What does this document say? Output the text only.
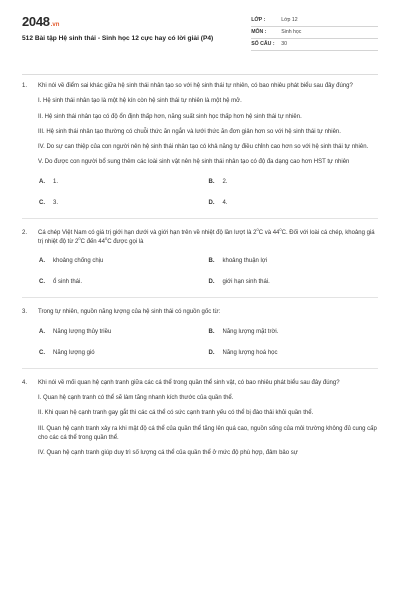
2048 .vn
512 Bài tập Hệ sinh thái - Sinh học 12 cực hay có lời giải (P4)
LỚP :	Lớp 12
MÔN :	Sinh học
SỐ CÂU :	30
1. Khi nói về điểm sai khác giữa hệ sinh thái nhân tạo so với hệ sinh thái tự nhiên, có bao nhiêu phát biểu sau đây đúng?
I. Hệ sinh thái nhân tạo là một hệ kín còn hệ sinh thái tự nhiên là một hệ mở.
II. Hệ sinh thái nhân tạo có độ ổn định thấp hơn, năng suất sinh học thấp hơn hệ sinh thái tự nhiên.
III. Hệ sinh thái nhân tạo thường có chuỗi thức ăn ngắn và lưới thức ăn đơn giản hơn so với hệ sinh thái tự nhiên.
IV. Do sự can thiệp của con người nên hệ sinh thái nhân tạo có khả năng tự điều chỉnh cao hơn so với hệ sinh thái tự nhiên.
V. Do được con người bổ sung thêm các loài sinh vật nên hệ sinh thái nhân tạo có độ đa dạng cao hơn HST tự nhiên
A.	1.	B.	2.
C.	3.	D.	4.
2. Cá chép Việt Nam có giá trị giới hạn dưới và giới hạn trên về nhiệt độ lần lượt là $2^0C$ và $44^0C$. Đối với loài cá chép, khoảng giá trị nhiệt độ từ $2^0C$ đến $44^0C$ được gọi là
A.	khoảng chống chịu	B.	khoảng thuận lợi
C.	ổ sinh thái.	D.	giới hạn sinh thái.
3. Trong tự nhiên, nguồn năng lượng của hệ sinh thái có nguồn gốc từ:
A.	Năng lượng thủy triều	B.	Năng lượng mặt trời.
C.	Năng lượng gió	D.	Năng lượng hoá học
4. Khi nói về mối quan hệ cạnh tranh giữa các cá thể trong quần thể sinh vật, có bao nhiêu phát biểu sau đây đúng?
I. Quan hệ cạnh tranh có thể sẽ làm tăng nhanh kích thước của quần thể.
II. Khi quan hệ cạnh tranh gay gắt thì các cá thể có sức cạnh tranh yếu có thể bị đào thải khỏi quần thể.
III. Quan hệ cạnh tranh xảy ra khi mật độ cá thể của quần thể tăng lên quá cao, nguồn sống của môi trường không đủ cung cấp cho các cá thể trong quần thể.
IV. Quan hệ cạnh tranh giúp duy trì số lượng cá thể của quần thể ở mức độ phù hợp, đảm bảo sự
